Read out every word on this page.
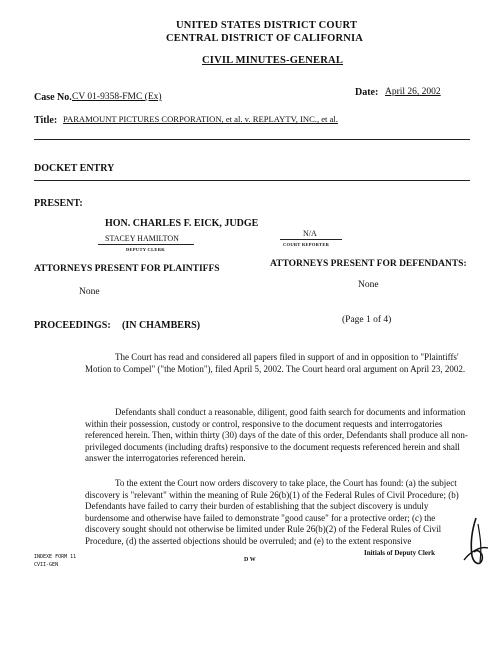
UNITED STATES DISTRICT COURT
CENTRAL DISTRICT OF CALIFORNIA
CIVIL MINUTES-GENERAL
Case No. CV 01-9358-FMC (Ex)	Date: April 26, 2002
Title: PARAMOUNT PICTURES CORPORATION, et al. v. REPLAYTV, INC., et al.
DOCKET ENTRY
PRESENT:
HON. CHARLES F. EICK, JUDGE
STACEY HAMILTON
DEPUTY CLERK
N/A
COURT REPORTER
ATTORNEYS PRESENT FOR PLAINTIFFS
None
ATTORNEYS PRESENT FOR DEFENDANTS:
None
PROCEEDINGS: (IN CHAMBERS)	(Page 1 of 4)

The Court has read and considered all papers filed in support of and in opposition to "Plaintiffs' Motion to Compel" ("the Motion"), filed April 5, 2002. The Court heard oral argument on April 23, 2002.

Defendants shall conduct a reasonable, diligent, good faith search for documents and information within their possession, custody or control, responsive to the document requests and interrogatories referenced herein. Then, within thirty (30) days of the date of this order, Defendants shall produce all non-privileged documents (including drafts) responsive to the document requests referenced herein and shall answer the interrogatories referenced herein.

To the extent the Court now orders discovery to take place, the Court has found: (a) the subject discovery is "relevant" within the meaning of Rule 26(b)(1) of the Federal Rules of Civil Procedure; (b) Defendants have failed to carry their burden of establishing that the subject discovery is unduly burdensome and otherwise have failed to demonstrate "good cause" for a protective order; (c) the discovery sought should not otherwise be limited under Rule 26(b)(2) of the Federal Rules of Civil Procedure, (d) the asserted objections should be overruled; and (e) to the extent responsive

INDEXE FORM 11
CVII-GEN
D W
Initials of Deputy Clerk
